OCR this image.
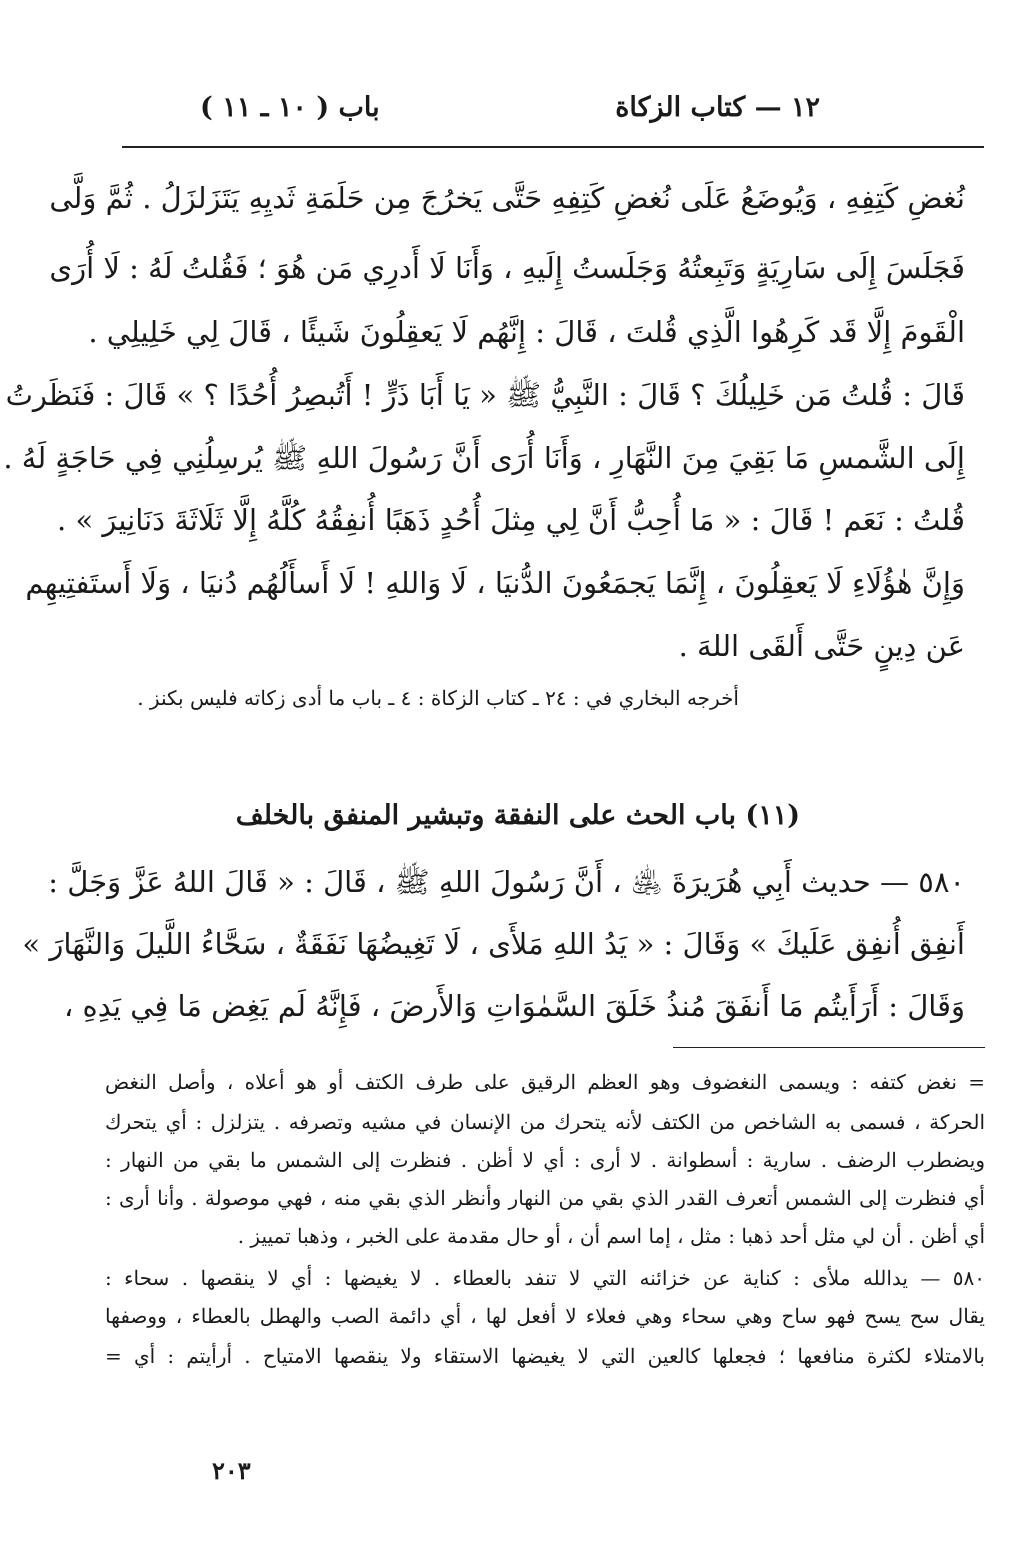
( ١٠ ـ ١١ ) باب	١٢ — كتاب الزكاة
نُغضِ كَتِفِهِ ، وَيُوضَعُ عَلَى نُغضِ كَتِفِهِ حَتَّى يَخرُجَ مِن حَلَمَةِ ثَديِهِ يَتَزَلزَلُ . ثُمَّ وَلَّى
فَجَلَسَ إِلَى سَارِيَةٍ وَتَبِعتُهُ وَجَلَستُ إِلَيهِ ، وَأَنَا لَا أَدرِي مَن هُوَ ؛ فَقُلتُ لَهُ : لَا أُرَى
الْقَومَ إِلَّا قَد كَرِهُوا الَّذِي قُلتَ ، قَالَ : إِنَّهُم لَا يَعقِلُونَ شَيئًا ، قَالَ لِي خَلِيلِي .
قَالَ : قُلتُ مَن خَلِيلُكَ ؟ قَالَ : النَّبِيُّ ﷺ « يَا أَبَا ذَرٍّ ! أَتُبصِرُ أُحُدًا ؟ » قَالَ : فَنَظَرتُ
إِلَى الشَّمسِ مَا بَقِيَ مِنَ النَّهَارِ ، وَأَنَا أُرَى أَنَّ رَسُولَ اللهِ ﷺ يُرسِلُنِي فِي حَاجَةٍ لَهُ .
قُلتُ : نَعَم ! قَالَ : « مَا أُحِبُّ أَنَّ لِي مِثلَ أُحُدٍ ذَهَبًا أُنفِقُهُ كُلَّهُ إِلَّا ثَلَاثَةَ دَنَانِيرَ » .
وَإِنَّ هٰؤُلَاءِ لَا يَعقِلُونَ ، إِنَّمَا يَجمَعُونَ الدُّنيَا ، لَا وَاللهِ ! لَا أَسأَلُهُم دُنيَا ، وَلَا أَستَفتِيهِم
عَن دِينٍ حَتَّى أَلقَى اللهَ .
أخرجه البخاري في : ٢٤ ـ كتاب الزكاة : ٤ ـ باب ما أدى زكاته فليس بكنز .
(١١) باب الحث على النفقة وتبشير المنفق بالخلف
٥٨٠ — حديث أَبِي هُرَيرَةَ ﵁ ، أَنَّ رَسُولَ اللهِ ﷺ ، قَالَ : « قَالَ اللهُ عَزَّ وَجَلَّ :
أَنفِق أُنفِق عَلَيكَ » وَقَالَ : « يَدُ اللهِ مَلأَى ، لَا تَغِيضُهَا نَفَقَةٌ ، سَحَّاءُ اللَّيلَ وَالنَّهَارَ »
وَقَالَ : أَرَأَيتُم مَا أَنفَقَ مُنذُ خَلَقَ السَّمٰوَاتِ وَالأَرضَ ، فَإِنَّهُ لَم يَغِض مَا فِي يَدِهِ ،
= نغض كتفه : ويسمى النغضوف وهو العظم الرقيق على طرف الكتف أو هو أعلاه ، وأصل النغض
الحركة ، فسمى به الشاخص من الكتف لأنه يتحرك من الإنسان في مشيه وتصرفه . يتزلزل : أي يتحرك
ويضطرب الرضف . سارية : أسطوانة . لا أرى : أي لا أظن . فنظرت إلى الشمس ما بقي من النهار :
أي فنظرت إلى الشمس أتعرف القدر الذي بقي من النهار وأنظر الذي بقي منه ، فهي موصولة . وأنا أرى :
أي أظن . أن لي مثل أحد ذهبا : مثل ، إما اسم أن ، أو حال مقدمة على الخبر ، وذهبا تمييز .
٥٨٠ — يدالله ملأى : كناية عن خزائنه التي لا تنفد بالعطاء . لا يغيضها : أي لا ينقصها . سحاء :
يقال سح يسح فهو ساح وهي سحاء وهي فعلاء لا أفعل لها ، أي دائمة الصب والهطل بالعطاء ، ووصفها
بالامتلاء لكثرة منافعها ؛ فجعلها كالعين التي لا يغيضها الاستقاء ولا ينقصها الامتياح . أرأيتم : أي =
٢٠٣
